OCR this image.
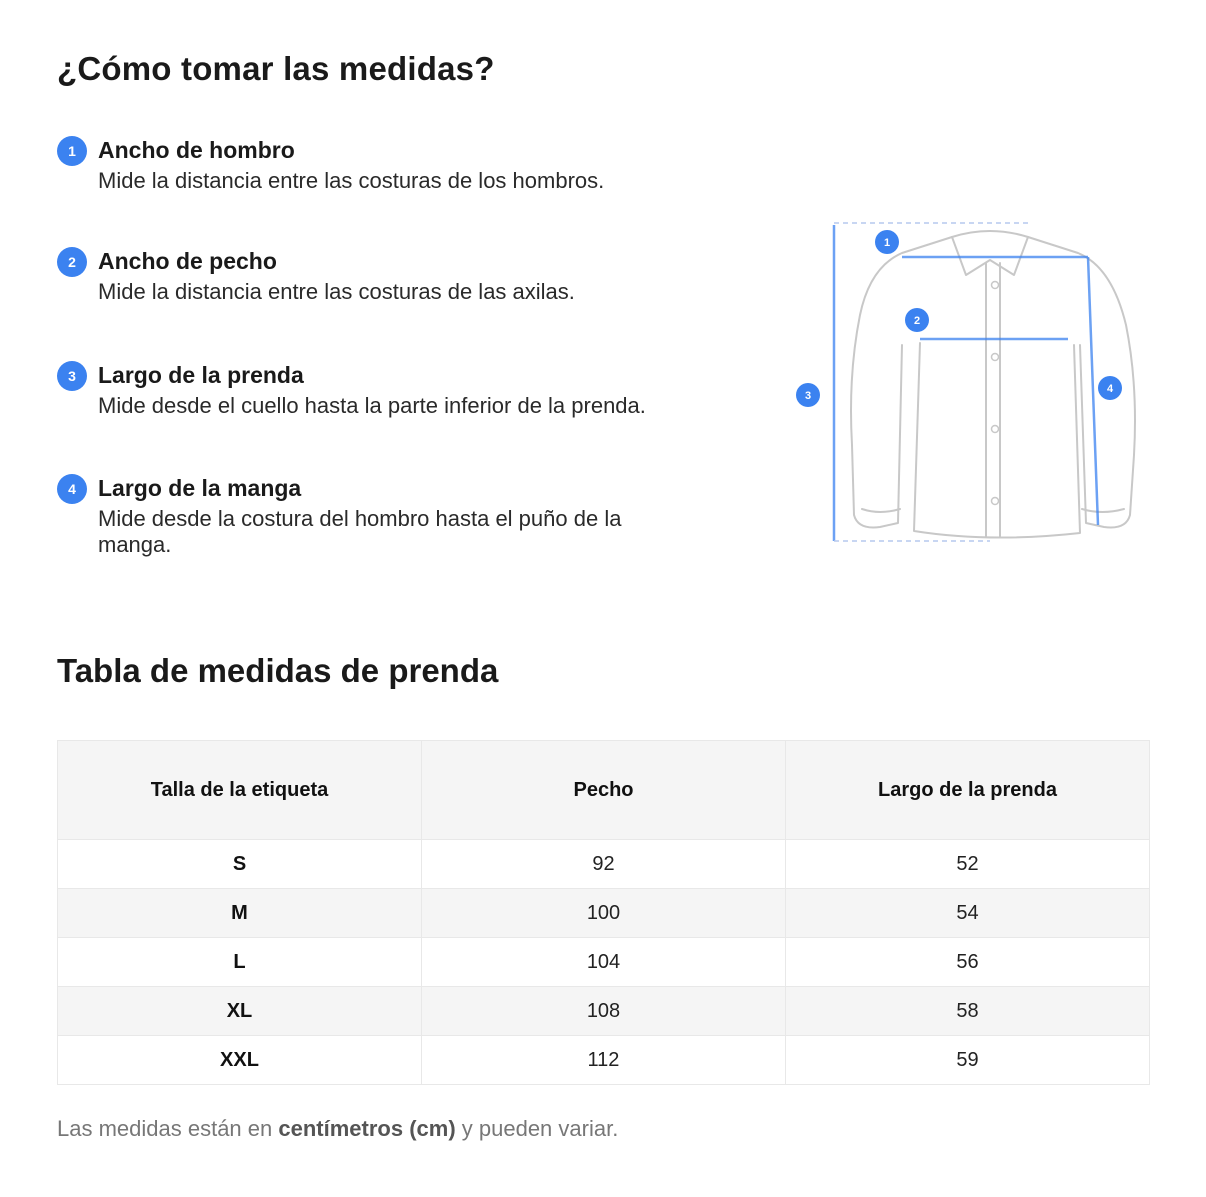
¿Cómo tomar las medidas?
1 Ancho de hombro
Mide la distancia entre las costuras de los hombros.
2 Ancho de pecho
Mide la distancia entre las costuras de las axilas.
3 Largo de la prenda
Mide desde el cuello hasta la parte inferior de la prenda.
4 Largo de la manga
Mide desde la costura del hombro hasta el puño de la manga.
1
2
3
4
Tabla de medidas de prenda
Talla de la etiqueta	Pecho	Largo de la prenda
S	92	52
M	100	54
L	104	56
XL	108	58
XXL	112	59

Las medidas están en centímetros (cm) y pueden variar.
